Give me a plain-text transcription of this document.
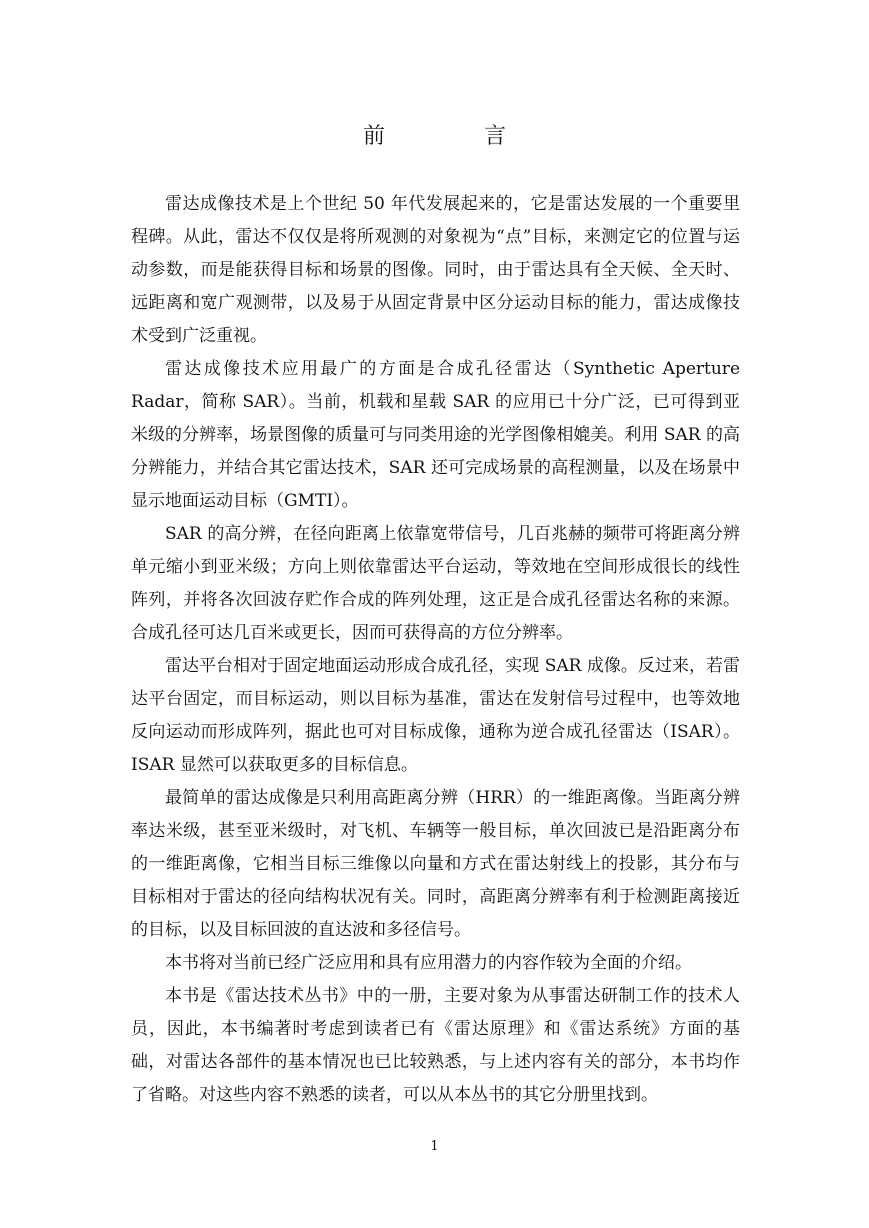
前 言

雷达成像技术是上个世纪 50 年代发展起来的，它是雷达发展的一个重要里程碑。从此，雷达不仅仅是将所观测的对象视为“点”目标，来测定它的位置与运动参数，而是能获得目标和场景的图像。同时，由于雷达具有全天候、全天时、远距离和宽广观测带，以及易于从固定背景中区分运动目标的能力，雷达成像技术受到广泛重视。

雷达成像技术应用最广的方面是合成孔径雷达（Synthetic Aperture Radar，简称 SAR）。当前，机载和星载 SAR 的应用已十分广泛，已可得到亚米级的分辨率，场景图像的质量可与同类用途的光学图像相媲美。利用 SAR 的高分辨能力，并结合其它雷达技术，SAR 还可完成场景的高程测量，以及在场景中显示地面运动目标（GMTI）。

SAR 的高分辨，在径向距离上依靠宽带信号，几百兆赫的频带可将距离分辨单元缩小到亚米级；方向上则依靠雷达平台运动，等效地在空间形成很长的线性阵列，并将各次回波存贮作合成的阵列处理，这正是合成孔径雷达名称的来源。合成孔径可达几百米或更长，因而可获得高的方位分辨率。

雷达平台相对于固定地面运动形成合成孔径，实现 SAR 成像。反过来，若雷达平台固定，而目标运动，则以目标为基准，雷达在发射信号过程中，也等效地反向运动而形成阵列，据此也可对目标成像，通称为逆合成孔径雷达（ISAR）。ISAR 显然可以获取更多的目标信息。

最简单的雷达成像是只利用高距离分辨（HRR）的一维距离像。当距离分辨率达米级，甚至亚米级时，对飞机、车辆等一般目标，单次回波已是沿距离分布的一维距离像，它相当目标三维像以向量和方式在雷达射线上的投影，其分布与目标相对于雷达的径向结构状况有关。同时，高距离分辨率有利于检测距离接近的目标，以及目标回波的直达波和多径信号。

本书将对当前已经广泛应用和具有应用潜力的内容作较为全面的介绍。

本书是《雷达技术丛书》中的一册，主要对象为从事雷达研制工作的技术人员，因此，本书编著时考虑到读者已有《雷达原理》和《雷达系统》方面的基础，对雷达各部件的基本情况也已比较熟悉，与上述内容有关的部分，本书均作了省略。对这些内容不熟悉的读者，可以从本丛书的其它分册里找到。

1
